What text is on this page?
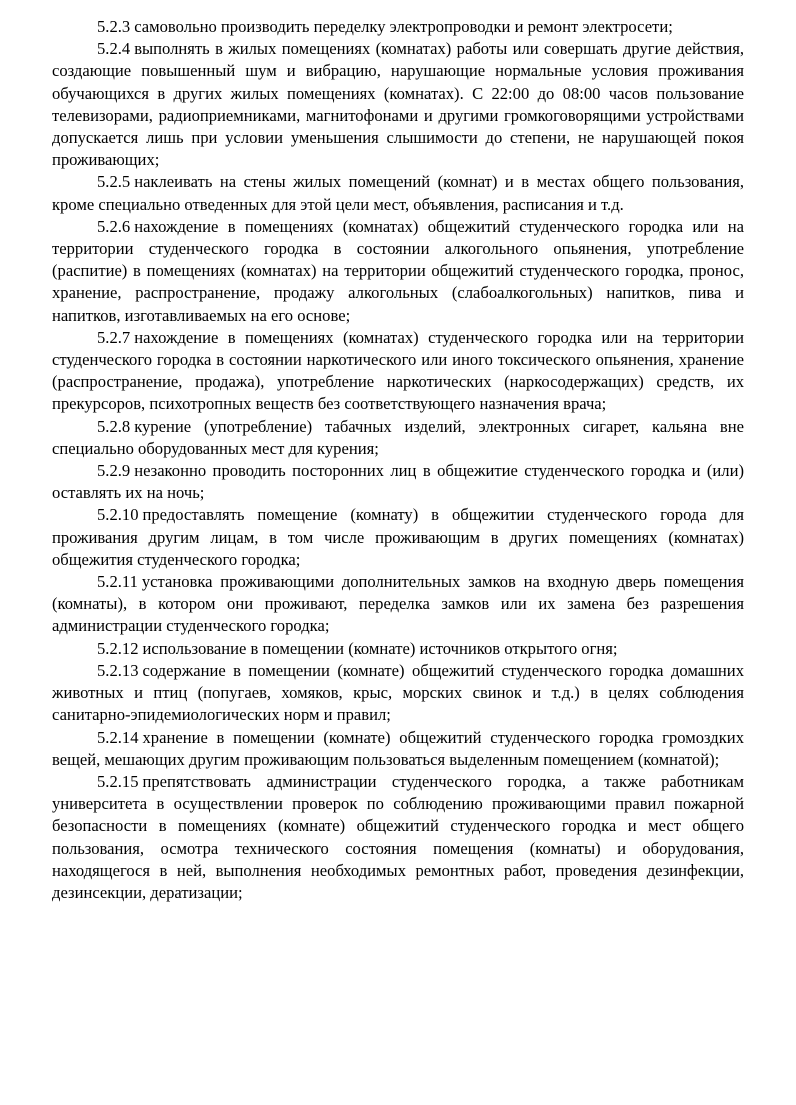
5.2.3 самовольно производить переделку электропроводки и ремонт электросети;

5.2.4 выполнять в жилых помещениях (комнатах) работы или совершать другие действия, создающие повышенный шум и вибрацию, нарушающие нормальные условия проживания обучающихся в других жилых помещениях (комнатах). С 22:00 до 08:00 часов пользование телевизорами, радиоприемниками, магнитофонами и другими громкоговорящими устройствами допускается лишь при условии уменьшения слышимости до степени, не нарушающей покоя проживающих;

5.2.5 наклеивать на стены жилых помещений (комнат) и в местах общего пользования, кроме специально отведенных для этой цели мест, объявления, расписания и т.д.

5.2.6 нахождение в помещениях (комнатах) общежитий студенческого городка или на территории студенческого городка в состоянии алкогольного опьянения, употребление (распитие) в помещениях (комнатах) на территории общежитий студенческого городка, пронос, хранение, распространение, продажу алкогольных (слабоалкогольных) напитков, пива и напитков, изготавливаемых на его основе;

5.2.7 нахождение в помещениях (комнатах) студенческого городка или на территории студенческого городка в состоянии наркотического или иного токсического опьянения, хранение (распространение, продажа), употребление наркотических (наркосодержащих) средств, их прекурсоров, психотропных веществ без соответствующего назначения врача;

5.2.8 курение (употребление) табачных изделий, электронных сигарет, кальяна вне специально оборудованных мест для курения;

5.2.9 незаконно проводить посторонних лиц в общежитие студенческого городка и (или) оставлять их на ночь;

5.2.10 предоставлять помещение (комнату) в общежитии студенческого города для проживания другим лицам, в том числе проживающим в других помещениях (комнатах) общежития студенческого городка;

5.2.11 установка проживающими дополнительных замков на входную дверь помещения (комнаты), в котором они проживают, переделка замков или их замена без разрешения администрации студенческого городка;

5.2.12 использование в помещении (комнате) источников открытого огня;

5.2.13 содержание в помещении (комнате) общежитий студенческого городка домашних животных и птиц (попугаев, хомяков, крыс, морских свинок и т.д.) в целях соблюдения санитарно-эпидемиологических норм и правил;

5.2.14 хранение в помещении (комнате) общежитий студенческого городка громоздких вещей, мешающих другим проживающим пользоваться выделенным помещением (комнатой);

5.2.15 препятствовать администрации студенческого городка, а также работникам университета в осуществлении проверок по соблюдению проживающими правил пожарной безопасности в помещениях (комнате) общежитий студенческого городка и мест общего пользования, осмотра технического состояния помещения (комнаты) и оборудования, находящегося в ней, выполнения необходимых ремонтных работ, проведения дезинфекции, дезинсекции, дератизации;
